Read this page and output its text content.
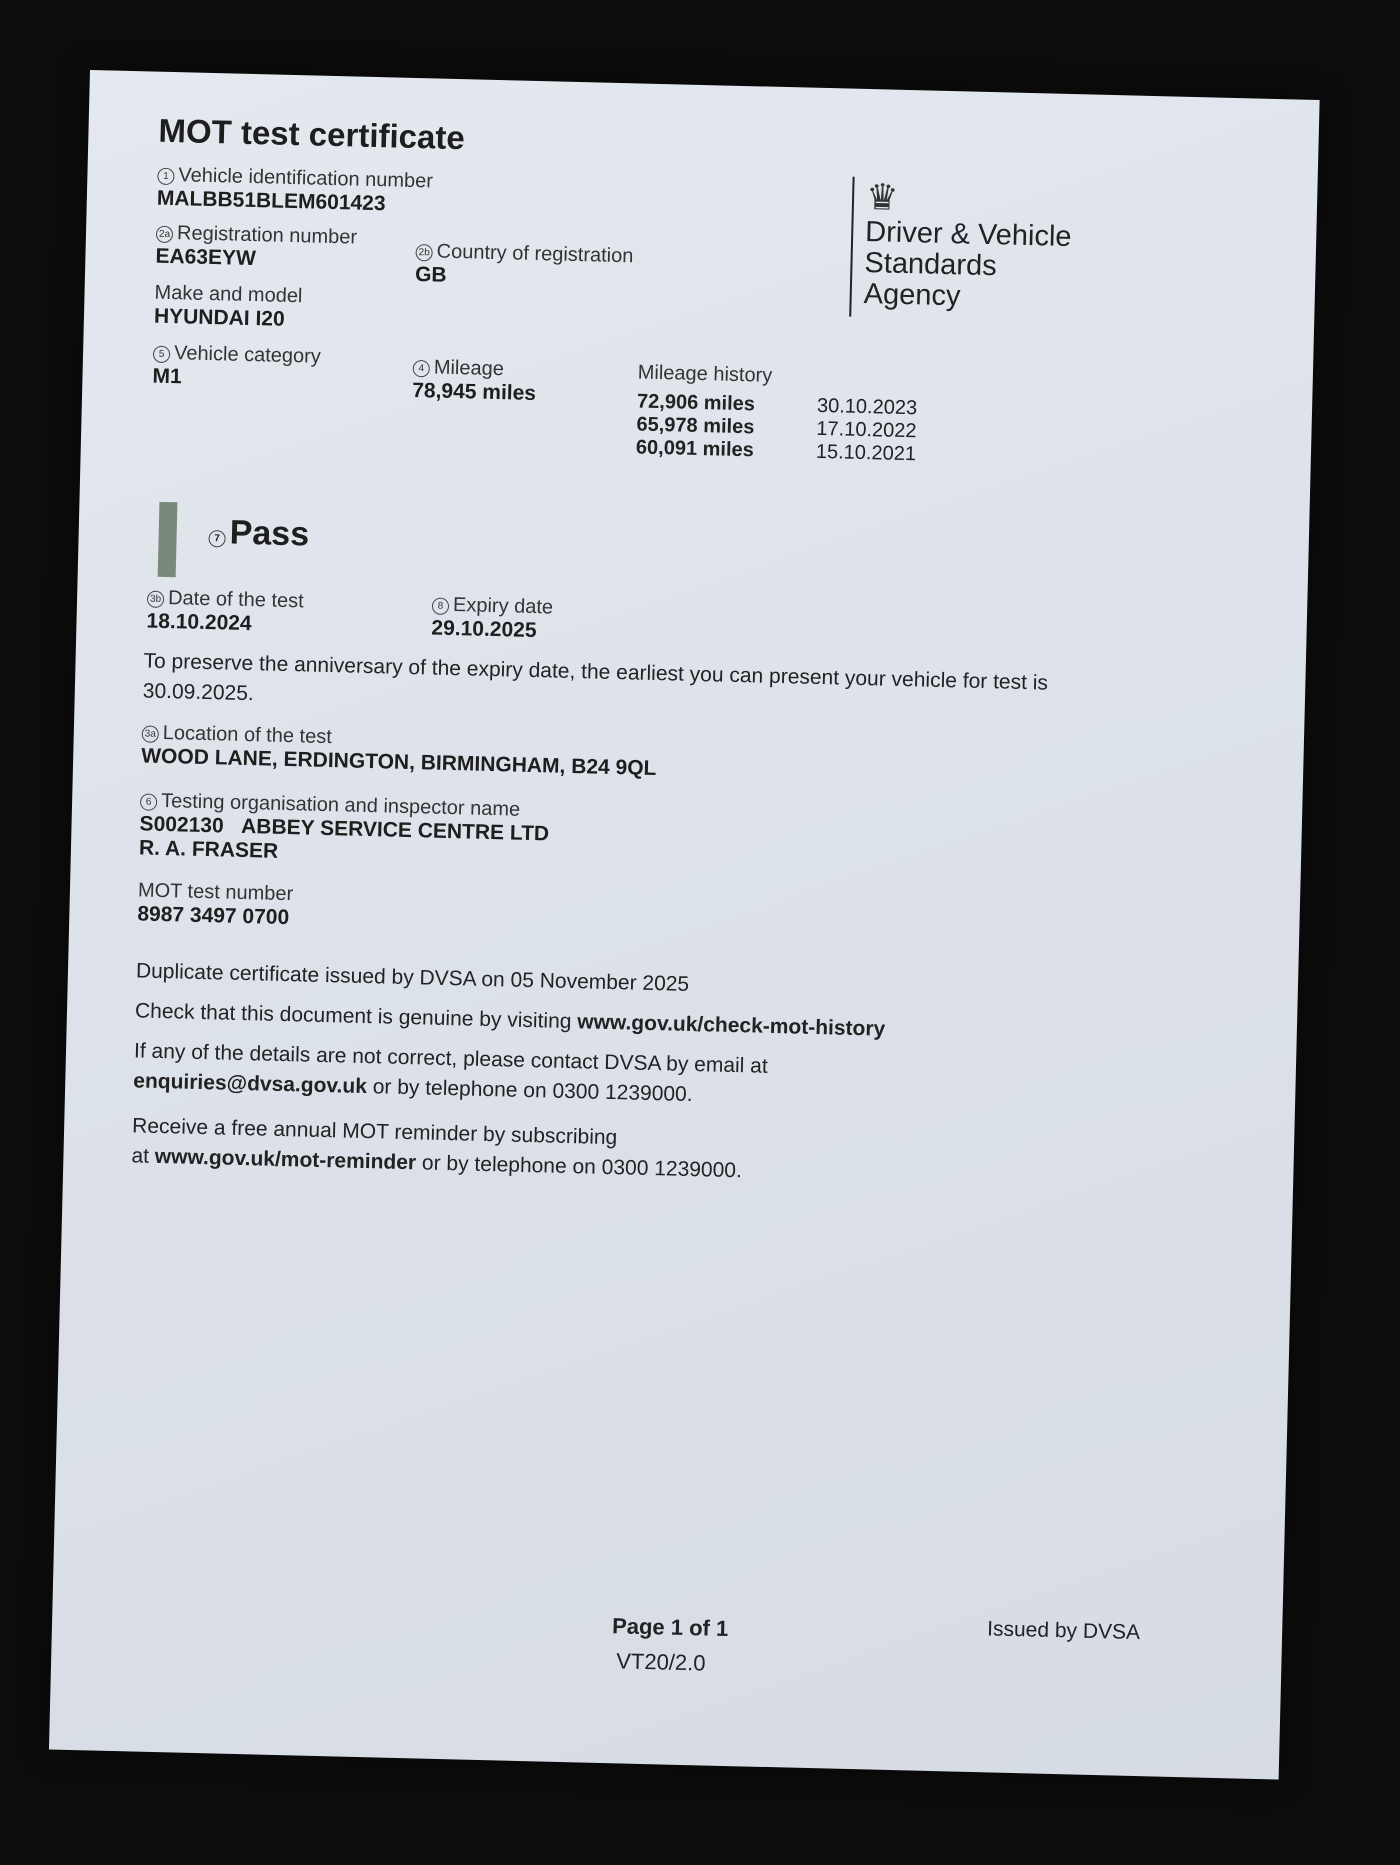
MOT test certificate
1 Vehicle identification number
MALBB51BLEM601423
2a Registration number
EA63EYW	2b Country of registration
GB
Make and model
HYUNDAI I20
5 Vehicle category
M1	4 Mileage
78,945 miles
Mileage history
72,906 miles	30.10.2023
65,978 miles	17.10.2022
60,091 miles	15.10.2021
♛
Driver & Vehicle
Standards
Agency
7 Pass
3b Date of the test
18.10.2024
8 Expiry date
29.10.2025
To preserve the anniversary of the expiry date, the earliest you can present your vehicle for test is 30.09.2025.
3a Location of the test
WOOD LANE, ERDINGTON, BIRMINGHAM, B24 9QL
6 Testing organisation and inspector name
S002130 ABBEY SERVICE CENTRE LTD
R. A. FRASER
MOT test number
8987 3497 0700
Duplicate certificate issued by DVSA on 05 November 2025
Check that this document is genuine by visiting www.gov.uk/check-mot-history
If any of the details are not correct, please contact DVSA by email at
enquiries@dvsa.gov.uk or by telephone on 0300 1239000.
Receive a free annual MOT reminder by subscribing
at www.gov.uk/mot-reminder or by telephone on 0300 1239000.
Page 1 of 1
VT20/2.0
Issued by DVSA
